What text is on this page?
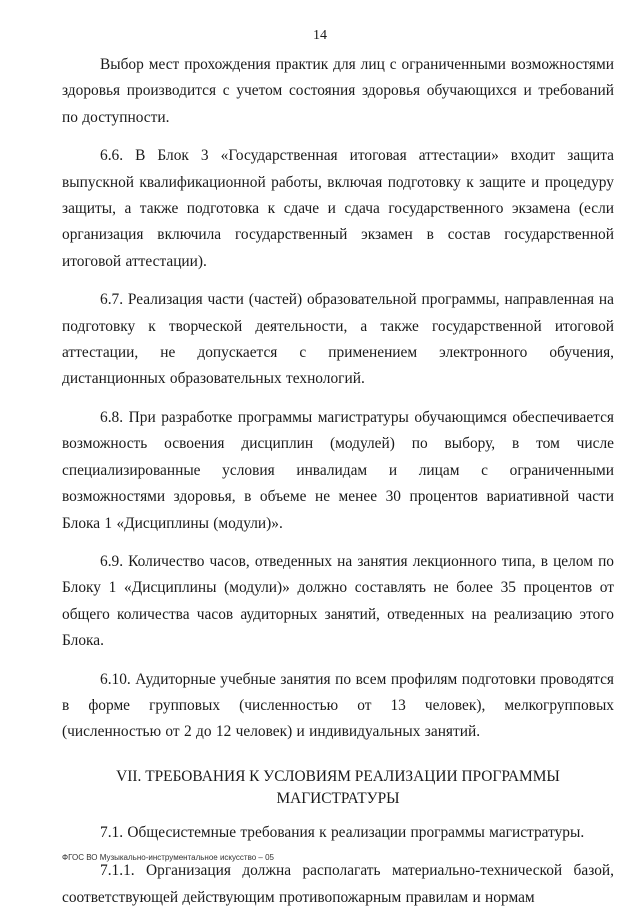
14

Выбор мест прохождения практик для лиц с ограниченными возможностями здоровья производится с учетом состояния здоровья обучающихся и требований по доступности.

6.6. В Блок 3 «Государственная итоговая аттестации» входит защита выпускной квалификационной работы, включая подготовку к защите и процедуру защиты, а также подготовка к сдаче и сдача государственного экзамена (если организация включила государственный экзамен в состав государственной итоговой аттестации).

6.7. Реализация части (частей) образовательной программы, направленная на подготовку к творческой деятельности, а также государственной итоговой аттестации, не допускается с применением электронного обучения, дистанционных образовательных технологий.

6.8. При разработке программы магистратуры обучающимся обеспечивается возможность освоения дисциплин (модулей) по выбору, в том числе специализированные условия инвалидам и лицам с ограниченными возможностями здоровья, в объеме не менее 30 процентов вариативной части Блока 1 «Дисциплины (модули)».

6.9. Количество часов, отведенных на занятия лекционного типа, в целом по Блоку 1 «Дисциплины (модули)» должно составлять не более 35 процентов от общего количества часов аудиторных занятий, отведенных на реализацию этого Блока.

6.10. Аудиторные учебные занятия по всем профилям подготовки проводятся в форме групповых (численностью от 13 человек), мелкогрупповых (численностью от 2 до 12 человек) и индивидуальных занятий.

VII. ТРЕБОВАНИЯ К УСЛОВИЯМ РЕАЛИЗАЦИИ ПРОГРАММЫ
МАГИСТРАТУРЫ

7.1. Общесистемные требования к реализации программы магистратуры.

7.1.1. Организация должна располагать материально-технической базой, соответствующей действующим противопожарным правилам и нормам

ФГОС ВО Музыкально-инструментальное искусство – 05
